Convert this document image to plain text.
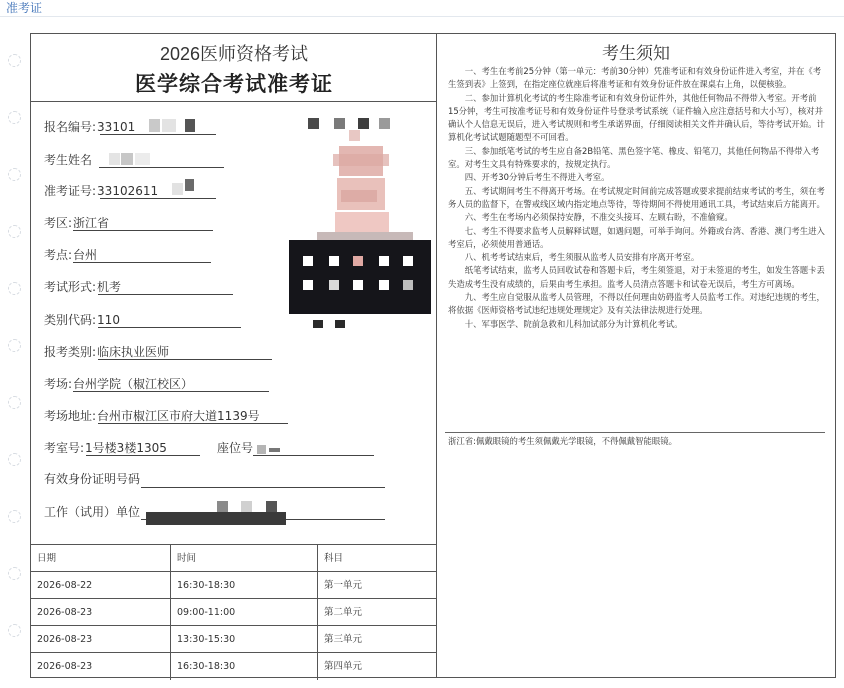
准考证
2026医师资格考试
医学综合考试准考证
报名编号:33101
考生姓名
准考证号:33102611
考区:浙江省
考点:台州
考试形式:机考
类别代码:110
报考类别:临床执业医师
考场:台州学院（椒江校区）
考场地址:台州市椒江区市府大道1139号
考室号:1号楼3楼1305	座位号
有效身份证明号码
工作（试用）单位
日期	时间	科目
2026-08-22	16:30-18:30	第一单元
2026-08-23	09:00-11:00	第二单元
2026-08-23	13:30-15:30	第三单元
2026-08-23	16:30-18:30	第四单元
考生须知

一、考生在考前25分钟（第一单元：考前30分钟）凭准考证和有效身份证件进入考室，并在《考生签到表》上签到，在指定座位就座后将准考证和有效身份证件放在课桌右上角，以便核验。

二、参加计算机化考试的考生除准考证和有效身份证件外，其他任何物品不得带入考室。开考前15分钟，考生可按准考证号和有效身份证件号登录考试系统（证件输入应注意括号和大小写），核对并确认个人信息无误后，进入考试规则和考生承诺界面，仔细阅读相关文件并确认后，等待考试开始。计算机化考试试题随题型不可回看。

三、参加纸笔考试的考生应自备2B铅笔、黑色签字笔、橡皮、铅笔刀，其他任何物品不得带入考室。对考生文具有特殊要求的，按规定执行。

四、开考30分钟后考生不得进入考室。

五、考试期间考生不得离开考场。在考试规定时间前完成答题或要求提前结束考试的考生，须在考务人员的监督下，在警戒线区域内指定地点等待，等待期间不得使用通讯工具，考试结束后方能离开。

六、考生在考场内必须保持安静，不准交头接耳、左顾右盼，不准偷窥。

七、考生不得要求监考人员解释试题，如遇问题，可举手询问。外籍或台湾、香港、澳门考生进入考室后，必须使用普通话。

八、机考考试结束后，考生须服从监考人员安排有序离开考室。

纸笔考试结束，监考人员回收试卷和答题卡后，考生须签退，对于未签退的考生，如发生答题卡丢失造成考生没有成绩的，后果由考生承担。监考人员清点答题卡和试卷无误后，考生方可离场。

九、考生应自觉服从监考人员管理，不得以任何理由妨碍监考人员监考工作。对违纪违规的考生，将依据《医师资格考试违纪违规处理规定》及有关法律法规进行处理。

十、军事医学、院前急救和儿科加试部分为计算机化考试。

浙江省:佩戴眼镜的考生须佩戴光学眼镜，不得佩戴智能眼镜。
